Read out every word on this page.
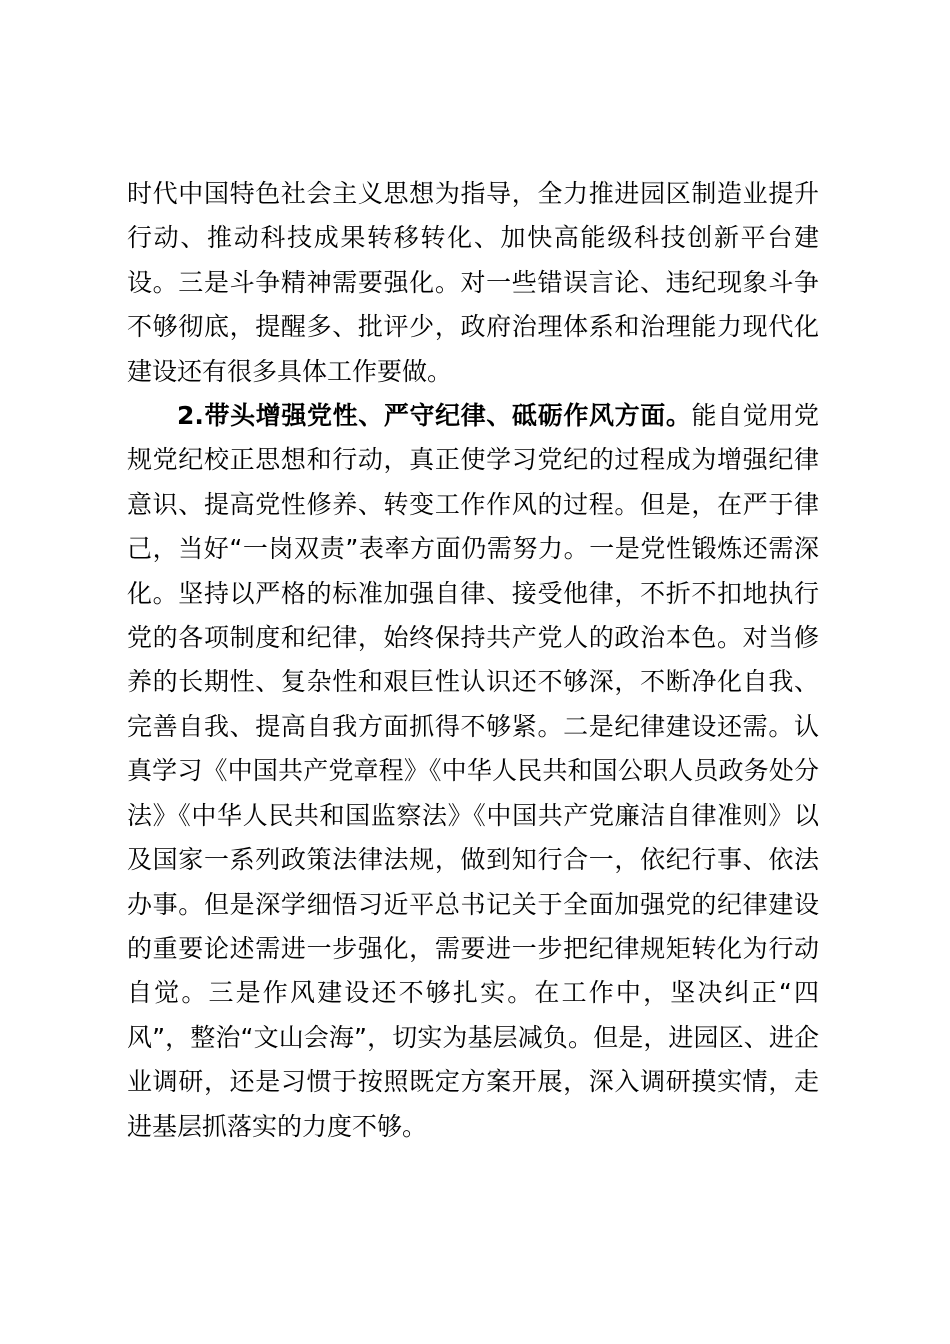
时代中国特色社会主义思想为指导，全力推进园区制造业提升行动、推动科技成果转移转化、加快高能级科技创新平台建设。三是斗争精神需要强化。对一些错误言论、违纪现象斗争不够彻底，提醒多、批评少，政府治理体系和治理能力现代化建设还有很多具体工作要做。

2.带头增强党性、严守纪律、砥砺作风方面。能自觉用党规党纪校正思想和行动，真正使学习党纪的过程成为增强纪律意识、提高党性修养、转变工作作风的过程。但是，在严于律己，当好“一岗双责”表率方面仍需努力。一是党性锻炼还需深化。坚持以严格的标准加强自律、接受他律，不折不扣地执行党的各项制度和纪律，始终保持共产党人的政治本色。对当修养的长期性、复杂性和艰巨性认识还不够深，不断净化自我、完善自我、提高自我方面抓得不够紧。二是纪律建设还需。认真学习《中国共产党章程》《中华人民共和国公职人员政务处分法》《中华人民共和国监察法》《中国共产党廉洁自律准则》以及国家一系列政策法律法规，做到知行合一，依纪行事、依法办事。但是深学细悟习近平总书记关于全面加强党的纪律建设的重要论述需进一步强化，需要进一步把纪律规矩转化为行动自觉。三是作风建设还不够扎实。在工作中，坚决纠正“四风”，整治“文山会海”，切实为基层减负。但是，进园区、进企业调研，还是习惯于按照既定方案开展，深入调研摸实情，走进基层抓落实的力度不够。
